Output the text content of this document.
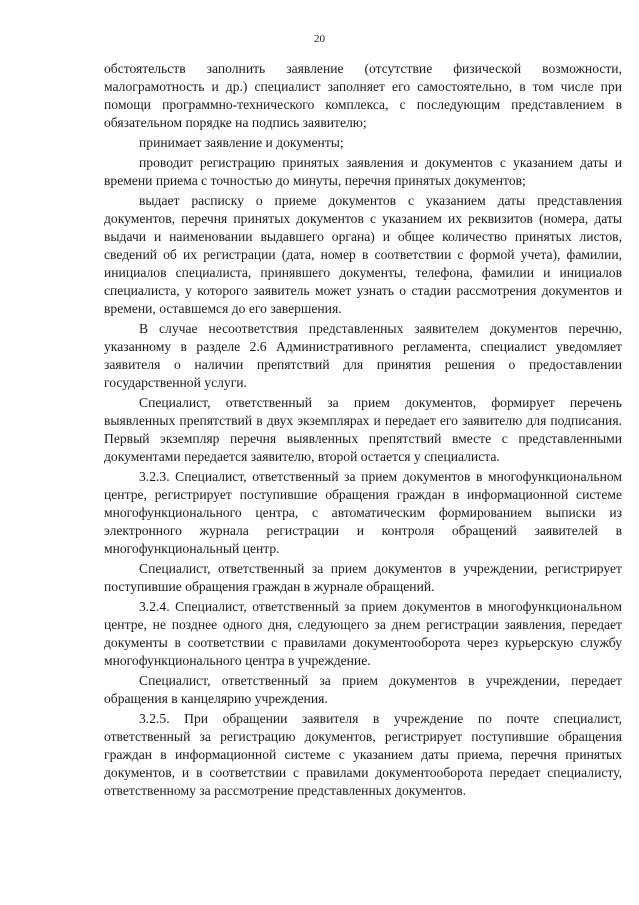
20

обстоятельств заполнить заявление (отсутствие физической возможности, малограмотность и др.) специалист заполняет его самостоятельно, в том числе при помощи программно-технического комплекса, с последующим представлением в обязательном порядке на подпись заявителю;

принимает заявление и документы;

проводит регистрацию принятых заявления и документов с указанием даты и времени приема с точностью до минуты, перечня принятых документов;

выдает расписку о приеме документов с указанием даты представления документов, перечня принятых документов с указанием их реквизитов (номера, даты выдачи и наименовании выдавшего органа) и общее количество принятых листов, сведений об их регистрации (дата, номер в соответствии с формой учета), фамилии, инициалов специалиста, принявшего документы, телефона, фамилии и инициалов специалиста, у которого заявитель может узнать о стадии рассмотрения документов и времени, оставшемся до его завершения.

В случае несоответствия представленных заявителем документов перечню, указанному в разделе 2.6 Административного регламента, специалист уведомляет заявителя о наличии препятствий для принятия решения о предоставлении государственной услуги.

Специалист, ответственный за прием документов, формирует перечень выявленных препятствий в двух экземплярах и передает его заявителю для подписания. Первый экземпляр перечня выявленных препятствий вместе с представленными документами передается заявителю, второй остается у специалиста.

3.2.3. Специалист, ответственный за прием документов в многофункциональном центре, регистрирует поступившие обращения граждан в информационной системе многофункционального центра, с автоматическим формированием выписки из электронного журнала регистрации и контроля обращений заявителей в многофункциональный центр.

Специалист, ответственный за прием документов в учреждении, регистрирует поступившие обращения граждан в журнале обращений.

3.2.4. Специалист, ответственный за прием документов в многофункциональном центре, не позднее одного дня, следующего за днем регистрации заявления, передает документы в соответствии с правилами документооборота через курьерскую службу многофункционального центра в учреждение.

Специалист, ответственный за прием документов в учреждении, передает обращения в канцелярию учреждения.

3.2.5. При обращении заявителя в учреждение по почте специалист, ответственный за регистрацию документов, регистрирует поступившие обращения граждан в информационной системе с указанием даты приема, перечня принятых документов, и в соответствии с правилами документооборота передает специалисту, ответственному за рассмотрение представленных документов.
